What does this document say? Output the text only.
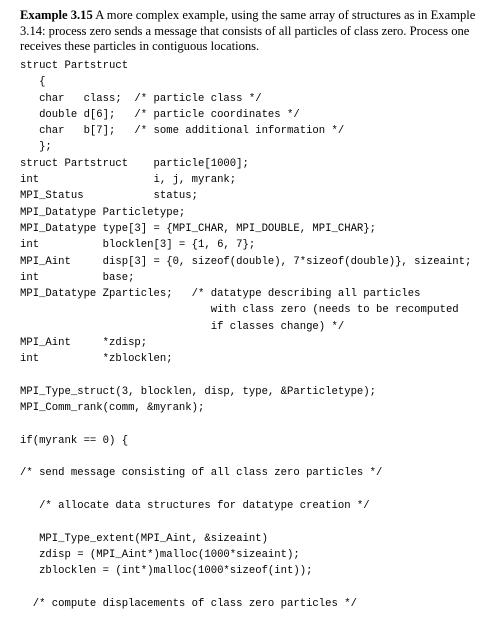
Example 3.15 A more complex example, using the same array of structures as in Example 3.14: process zero sends a message that consists of all particles of class zero. Process one receives these particles in contiguous locations.

struct Partstruct
{
char   class;  /* particle class */
double d[6];   /* particle coordinates */
char   b[7];   /* some additional information */
};
struct Partstruct    particle[1000];
int                  i, j, myrank;
MPI_Status           status;
MPI_Datatype Particletype;
MPI_Datatype type[3] = {MPI_CHAR, MPI_DOUBLE, MPI_CHAR};
int          blocklen[3] = {1, 6, 7};
MPI_Aint     disp[3] = {0, sizeof(double), 7*sizeof(double)}, sizeaint;
int          base;
MPI_Datatype Zparticles;   /* datatype describing all particles
with class zero (needs to be recomputed
if classes change) */
MPI_Aint     *zdisp;
int          *zblocklen;
MPI_Type_struct(3, blocklen, disp, type, &Particletype);
MPI_Comm_rank(comm, &myrank);
if(myrank == 0) {
/* send message consisting of all class zero particles */
/* allocate data structures for datatype creation */
MPI_Type_extent(MPI_Aint, &sizeaint)
zdisp = (MPI_Aint*)malloc(1000*sizeaint);
zblocklen = (int*)malloc(1000*sizeof(int));
/* compute displacements of class zero particles */
